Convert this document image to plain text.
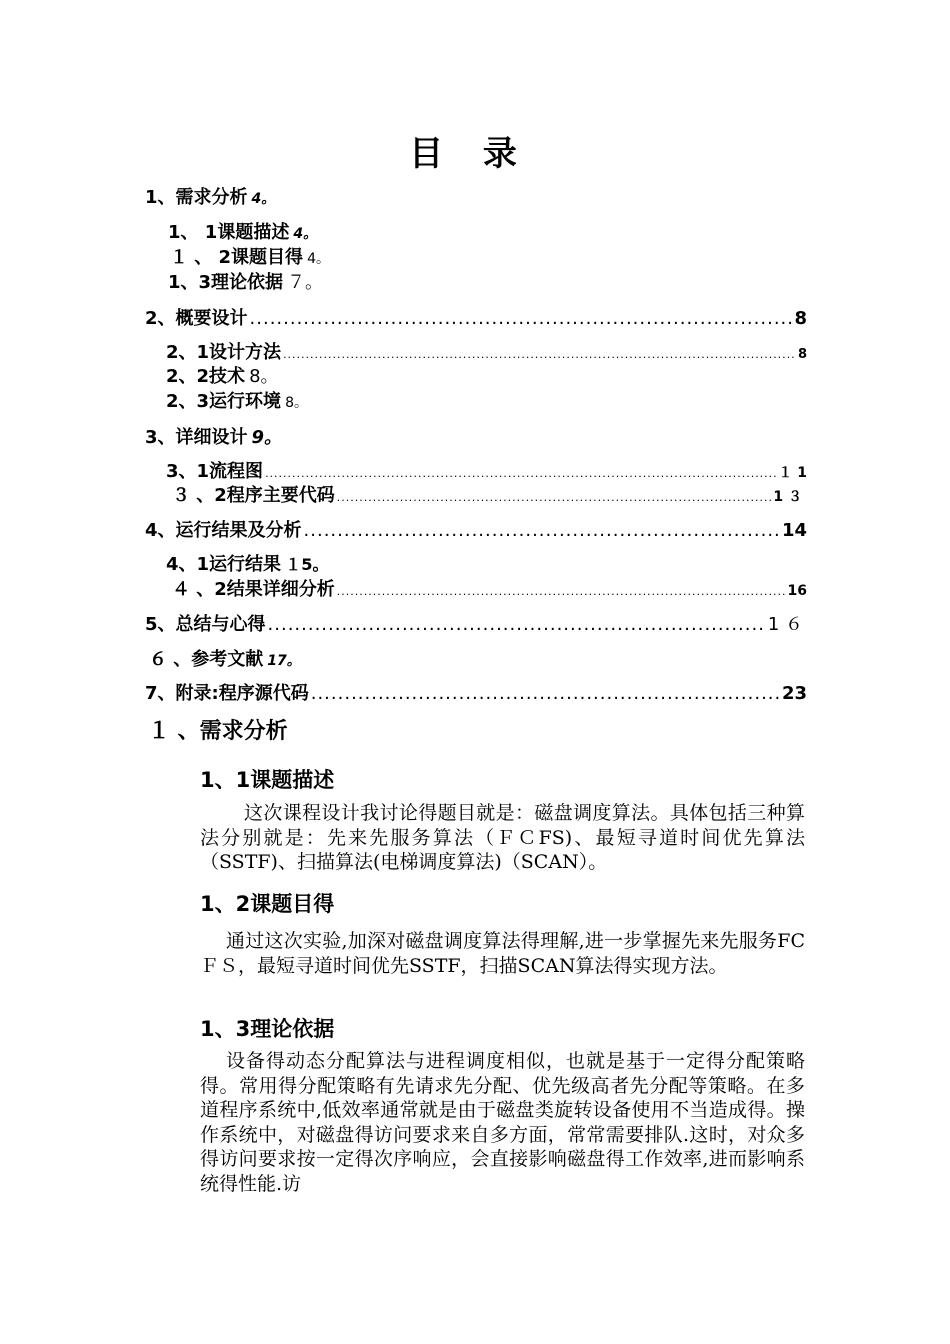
目 录
1、需求分析 4。
1、 1课题描述 4。
１ 、 2课题目得 4。
1、3理论依据 ７。
2、概要设计 .....	8
2、1设计方法 .....	8
2、2技术 8。
2、3运行环境 8。
3、详细设计 9。
3、1流程图 .....	１ 1
３ 、2程序主要代码 .....	1 ３
4、运行结果及分析 .....	14
4、1运行结果 １5。
４ 、2结果详细分析 .....	16
5、总结与心得 .....	1 ６
６ 、参考文献 17。
7、附录:程序源代码 .....	23
１ 、需求分析
1、1课题描述

这次课程设计我讨论得题目就是：磁盘调度算法。具体包括三种算法分别就是：先来先服务算法（ＦＣFS)、最短寻道时间优先算法（SSTF)、扫描算法(电梯调度算法)（SCAN）。

1、2课题目得

通过这次实验,加深对磁盘调度算法得理解,进一步掌握先来先服务FCＦＳ，最短寻道时间优先SSTF，扫描SCAN算法得实现方法。

1、3理论依据

设备得动态分配算法与进程调度相似，也就是基于一定得分配策略得。常用得分配策略有先请求先分配、优先级高者先分配等策略。在多道程序系统中,低效率通常就是由于磁盘类旋转设备使用不当造成得。操作系统中，对磁盘得访问要求来自多方面，常常需要排队.这时，对众多得访问要求按一定得次序响应，会直接影响磁盘得工作效率,进而影响系统得性能.访
